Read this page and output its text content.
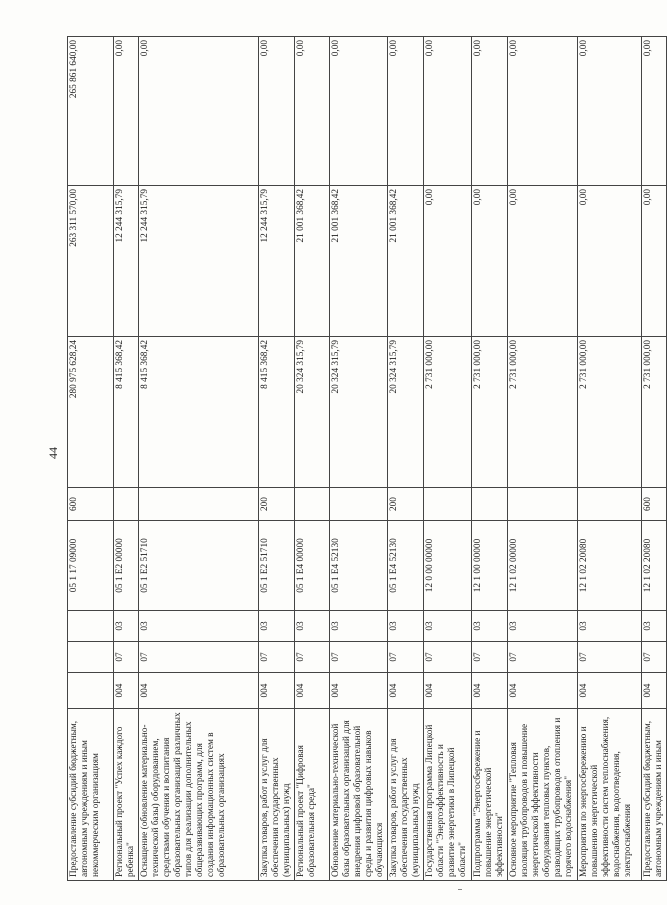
44
Предоставление субсидий бюджетным, автономным учреждениям и иным некоммерческим организациям				05 1 17 09000	600	280 975 628,24	263 311 570,00	265 861 640,00
Региональный проект "Успех каждого ребенка"	004	07	03	05 1 E2 00000		8 415 368,42	12 244 315,79	0,00
Оснащение (обновление материально-технической базы) оборудованием, средствами обучения и воспитания образовательных организаций различных типов для реализации дополнительных общеразвивающих программ, для создания информационных систем в образовательных организациях	004	07	03	05 1 E2 51710		8 415 368,42	12 244 315,79	0,00
Закупка товаров, работ и услуг для обеспечения государственных (муниципальных) нужд	004	07	03	05 1 E2 51710	200	8 415 368,42	12 244 315,79	0,00
Региональный проект "Цифровая образовательная среда"	004	07	03	05 1 E4 00000		20 324 315,79	21 001 368,42	0,00
Обновление материально-технической базы образовательных организаций для внедрения цифровой образовательной среды и развития цифровых навыков обучающихся	004	07	03	05 1 E4 52130		20 324 315,79	21 001 368,42	0,00
Закупка товаров, работ и услуг для обеспечения государственных (муниципальных) нужд	004	07	03	05 1 E4 52130	200	20 324 315,79	21 001 368,42	0,00
Государственная программа Липецкой области "Энергоэффективность и развитие энергетики в Липецкой области"	004	07	03	12 0 00 00000		2 731 000,00	0,00	0,00
Подпрограмма "Энергосбережение и повышение энергетической эффективности"	004	07	03	12 1 00 00000		2 731 000,00	0,00	0,00
Основное мероприятие "Тепловая изоляция трубопроводов и повышение энергетической эффективности оборудования тепловых пунктов, разводящих трубопроводов отопления и горячего водоснабжения"	004	07	03	12 1 02 00000		2 731 000,00	0,00	0,00
Мероприятия по энергосбережению и повышению энергетической эффективности систем теплоснабжения, водоснабжения, водоотведения, электроснабжения	004	07	03	12 1 02 20080		2 731 000,00	0,00	0,00
Предоставление субсидий бюджетным, автономным учреждениям и иным	004	07	03	12 1 02 20080	600	2 731 000,00	0,00	0,00
